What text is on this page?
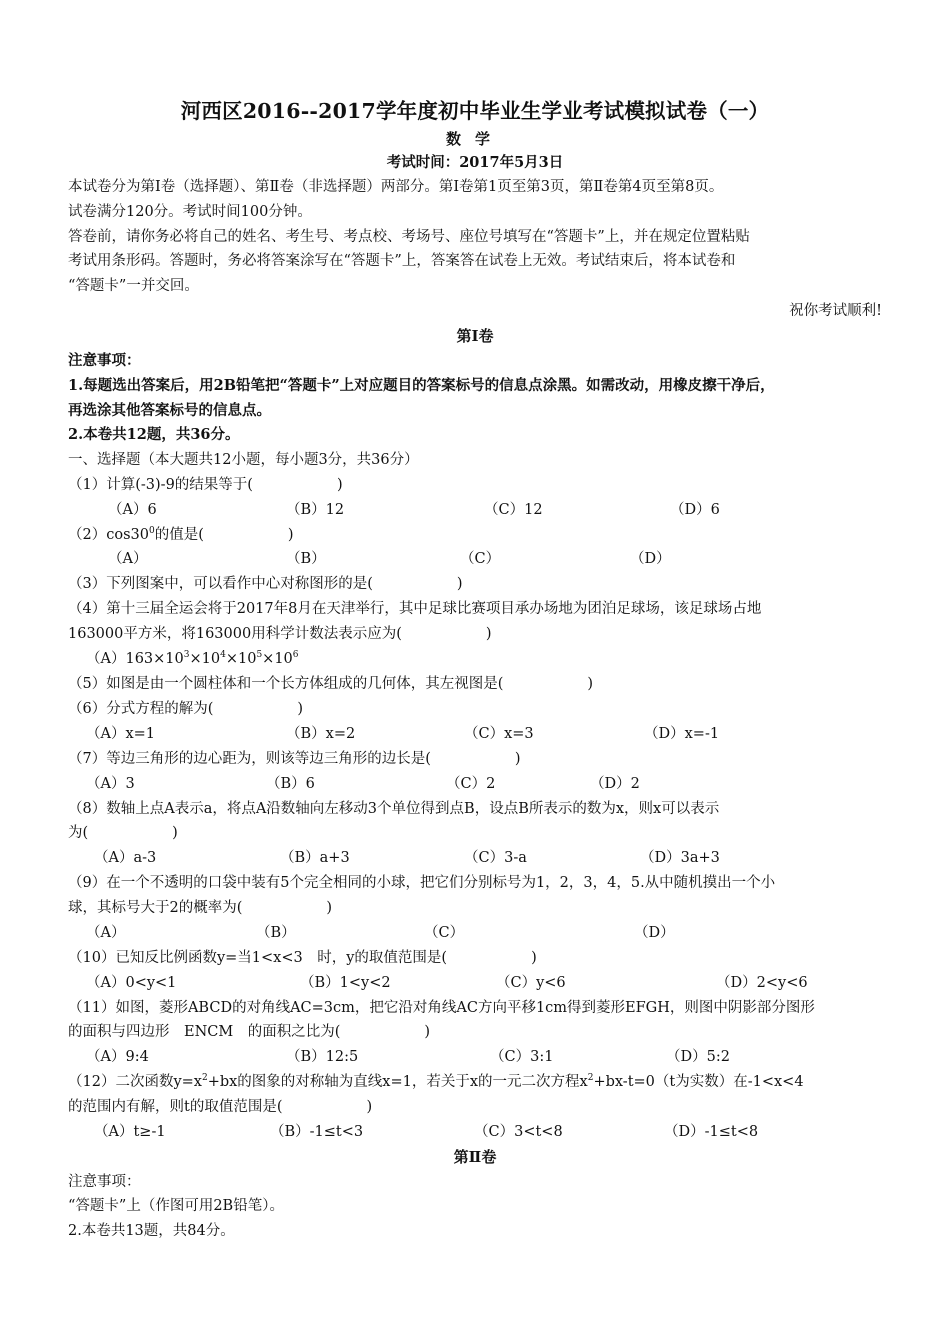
河西区2016--2017学年度初中毕业生学业考试模拟试卷（一）
数学
考试时间：2017年5月3日
本试卷分为第Ⅰ卷（选择题）、第Ⅱ卷（非选择题）两部分。第Ⅰ卷第1页至第3页，第Ⅱ卷第4页至第8页。
试卷满分120分。考试时间100分钟。
答卷前，请你务必将自己的姓名、考生号、考点校、考场号、座位号填写在“答题卡”上，并在规定位置粘贴
考试用条形码。答题时，务必将答案涂写在“答题卡”上，答案答在试卷上无效。考试结束后，将本试卷和
“答题卡”一并交回。
祝你考试顺利!
第Ⅰ卷
注意事项：
1.每题选出答案后，用2B铅笔把“答题卡”上对应题目的答案标号的信息点涂黑。如需改动，用橡皮擦干净后，
再选涂其他答案标号的信息点。
2.本卷共12题，共36分。
一、选择题（本大题共12小题，每小题3分，共36分）
（1）计算(-3)-9的结果等于(	)
（A）6	（B）12	（C）12	（D）6
$(2)\cos 30^0$的值是(	)
（A）	（B）	（C）	（D）
（3）下列图案中，可以看作中心对称图形的是(	)
（4）第十三届全运会将于2017年8月在天津举行，其中足球比赛项目承办场地为团泊足球场，该足球场占地
163000平方米，将163000用科学计数法表示应为(	)
$(A)163\times 10^3\times 10^4\times 10^5\times 10^6$
（5）如图是由一个圆柱体和一个长方体组成的几何体，其左视图是(	)
（6）分式方程的解为(	)
（A）x=1	（B）x=2	（C）x=3	（D）x=-1
（7）等边三角形的边心距为，则该等边三角形的边长是(	)
（A）3	（B）6	（C）2	（D）2
（8）数轴上点A表示a，将点A沿数轴向左移动3个单位得到点B，设点B所表示的数为x，则x可以表示
为(	)
（A）a-3	（B）a+3	（C）3-a	（D）3a+3
（9）在一个不透明的口袋中装有5个完全相同的小球，把它们分别标号为1，2，3，4，5.从中随机摸出一个小
球，其标号大于2的概率为(	)
（A）	（B）	（C）	（D）
（10）已知反比例函数y=当1<x<3　时，y的取值范围是(	)
（A）0<y<1	（B）1<y<2	（C）y<6	（D）2<y<6
（11）如图，菱形ABCD的对角线AC=3cm，把它沿对角线AC方向平移1cm得到菱形EFGH，则图中阴影部分图形
的面积与四边形　ENCM　的面积之比为(	)
（A）9:4	（B）12:5	（C）3:1	（D）5:2
（12）二次函数$y=x^2+bx$的图象的对称轴为直线x=1，若关于x的一元二次方程$x^2+bx-t=0(t$为实数）在-1<x<4
的范围内有解，则t的取值范围是(	)
（A）t≥-1	（B）-1≤t<3	（C）3<t<8	（D）-1≤t<8
第Ⅱ卷
注意事项：
“答题卡”上（作图可用2B铅笔）。
2.本卷共13题，共84分。
